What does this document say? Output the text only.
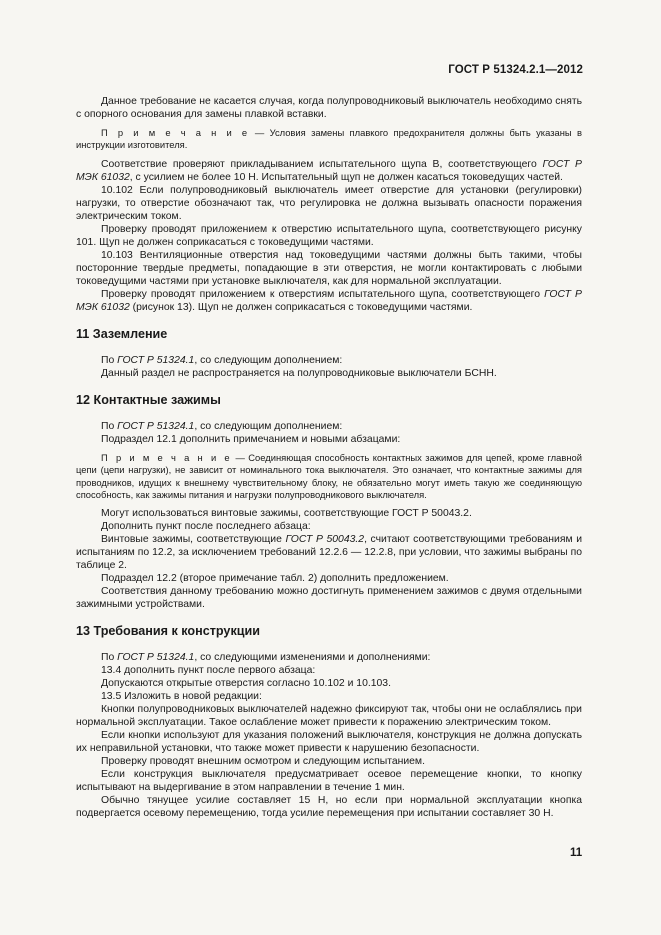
ГОСТ Р 51324.2.1—2012

Данное требование не касается случая, когда полупроводниковый выключатель необходимо снять с опорного основания для замены плавкой вставки.

П р и м е ч а н и е — Условия замены плавкого предохранителя должны быть указаны в инструкции изготовителя.

Соответствие проверяют прикладыванием испытательного щупа В, соответствующего ГОСТ Р МЭК 61032, с усилием не более 10 Н. Испытательный щуп не должен касаться токоведущих частей.

10.102 Если полупроводниковый выключатель имеет отверстие для установки (регулировки) нагрузки, то отверстие обозначают так, что регулировка не должна вызывать опасности поражения электрическим током.

Проверку проводят приложением к отверстию испытательного щупа, соответствующего рисунку 101. Щуп не должен соприкасаться с токоведущими частями.

10.103 Вентиляционные отверстия над токоведущими частями должны быть такими, чтобы посторонние твердые предметы, попадающие в эти отверстия, не могли контактировать с любыми токоведущими частями при установке выключателя, как для нормальной эксплуатации.

Проверку проводят приложением к отверстиям испытательного щупа, соответствующего ГОСТ Р МЭК 61032 (рисунок 13). Щуп не должен соприкасаться с токоведущими частями.

11 Заземление

По ГОСТ Р 51324.1, со следующим дополнением:

Данный раздел не распространяется на полупроводниковые выключатели БСНН.

12 Контактные зажимы

По ГОСТ Р 51324.1, со следующим дополнением:

Подраздел 12.1 дополнить примечанием и новыми абзацами:

П р и м е ч а н и е — Соединяющая способность контактных зажимов для цепей, кроме главной цепи (цепи нагрузки), не зависит от номинального тока выключателя. Это означает, что контактные зажимы для проводников, идущих к внешнему чувствительному блоку, не обязательно могут иметь такую же соединяющую способность, как зажимы питания и нагрузки полупроводникового выключателя.

Могут использоваться винтовые зажимы, соответствующие ГОСТ Р 50043.2.

Дополнить пункт после последнего абзаца:

Винтовые зажимы, соответствующие ГОСТ Р 50043.2, считают соответствующими требованиям и испытаниям по 12.2, за исключением требований 12.2.6 — 12.2.8, при условии, что зажимы выбраны по таблице 2.

Подраздел 12.2 (второе примечание табл. 2) дополнить предложением.

Соответствия данному требованию можно достигнуть применением зажимов с двумя отдельными зажимными устройствами.

13 Требования к конструкции

По ГОСТ Р 51324.1, со следующими изменениями и дополнениями:

13.4 дополнить пункт после первого абзаца:

Допускаются открытые отверстия согласно 10.102 и 10.103.

13.5 Изложить в новой редакции:

Кнопки полупроводниковых выключателей надежно фиксируют так, чтобы они не ослаблялись при нормальной эксплуатации. Такое ослабление может привести к поражению электрическим током.

Если кнопки используют для указания положений выключателя, конструкция не должна допускать их неправильной установки, что также может привести к нарушению безопасности.

Проверку проводят внешним осмотром и следующим испытанием.

Если конструкция выключателя предусматривает осевое перемещение кнопки, то кнопку испытывают на выдергивание в этом направлении в течение 1 мин.

Обычно тянущее усилие составляет 15 Н, но если при нормальной эксплуатации кнопка подвергается осевому перемещению, тогда усилие перемещения при испытании составляет 30 Н.

11
